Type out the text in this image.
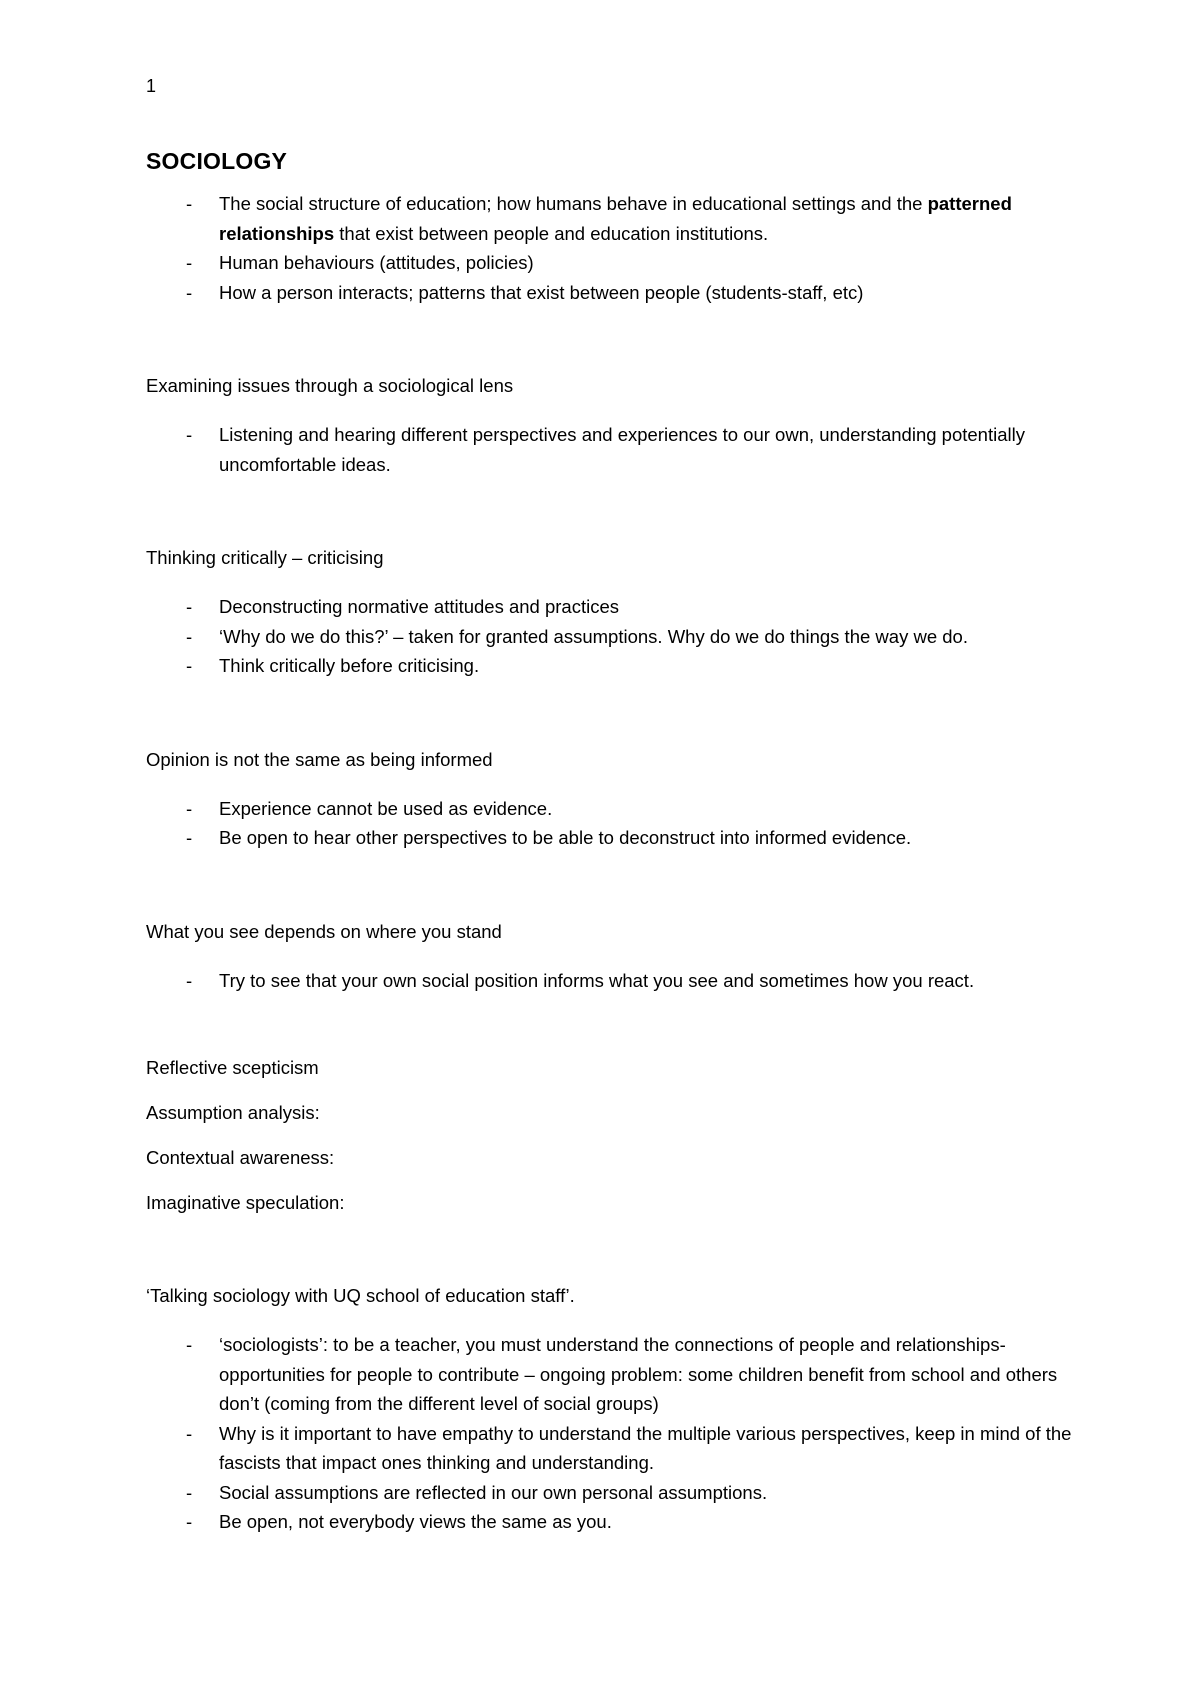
1
SOCIOLOGY
- The social structure of education; how humans behave in educational settings and the patterned relationships that exist between people and education institutions.
- Human behaviours (attitudes, policies)
- How a person interacts; patterns that exist between people (students-staff, etc)
Examining issues through a sociological lens
- Listening and hearing different perspectives and experiences to our own, understanding potentially uncomfortable ideas.
Thinking critically – criticising
- Deconstructing normative attitudes and practices
- ‘Why do we do this?’ – taken for granted assumptions. Why do we do things the way we do.
- Think critically before criticising.
Opinion is not the same as being informed
- Experience cannot be used as evidence.
- Be open to hear other perspectives to be able to deconstruct into informed evidence.
What you see depends on where you stand
- Try to see that your own social position informs what you see and sometimes how you react.
Reflective scepticism
Assumption analysis:
Contextual awareness:
Imaginative speculation:
‘Talking sociology with UQ school of education staff’.
- ‘sociologists’: to be a teacher, you must understand the connections of people and relationships- opportunities for people to contribute – ongoing problem: some children benefit from school and others don’t (coming from the different level of social groups)
- Why is it important to have empathy to understand the multiple various perspectives, keep in mind of the fascists that impact ones thinking and understanding.
- Social assumptions are reflected in our own personal assumptions.
- Be open, not everybody views the same as you.
